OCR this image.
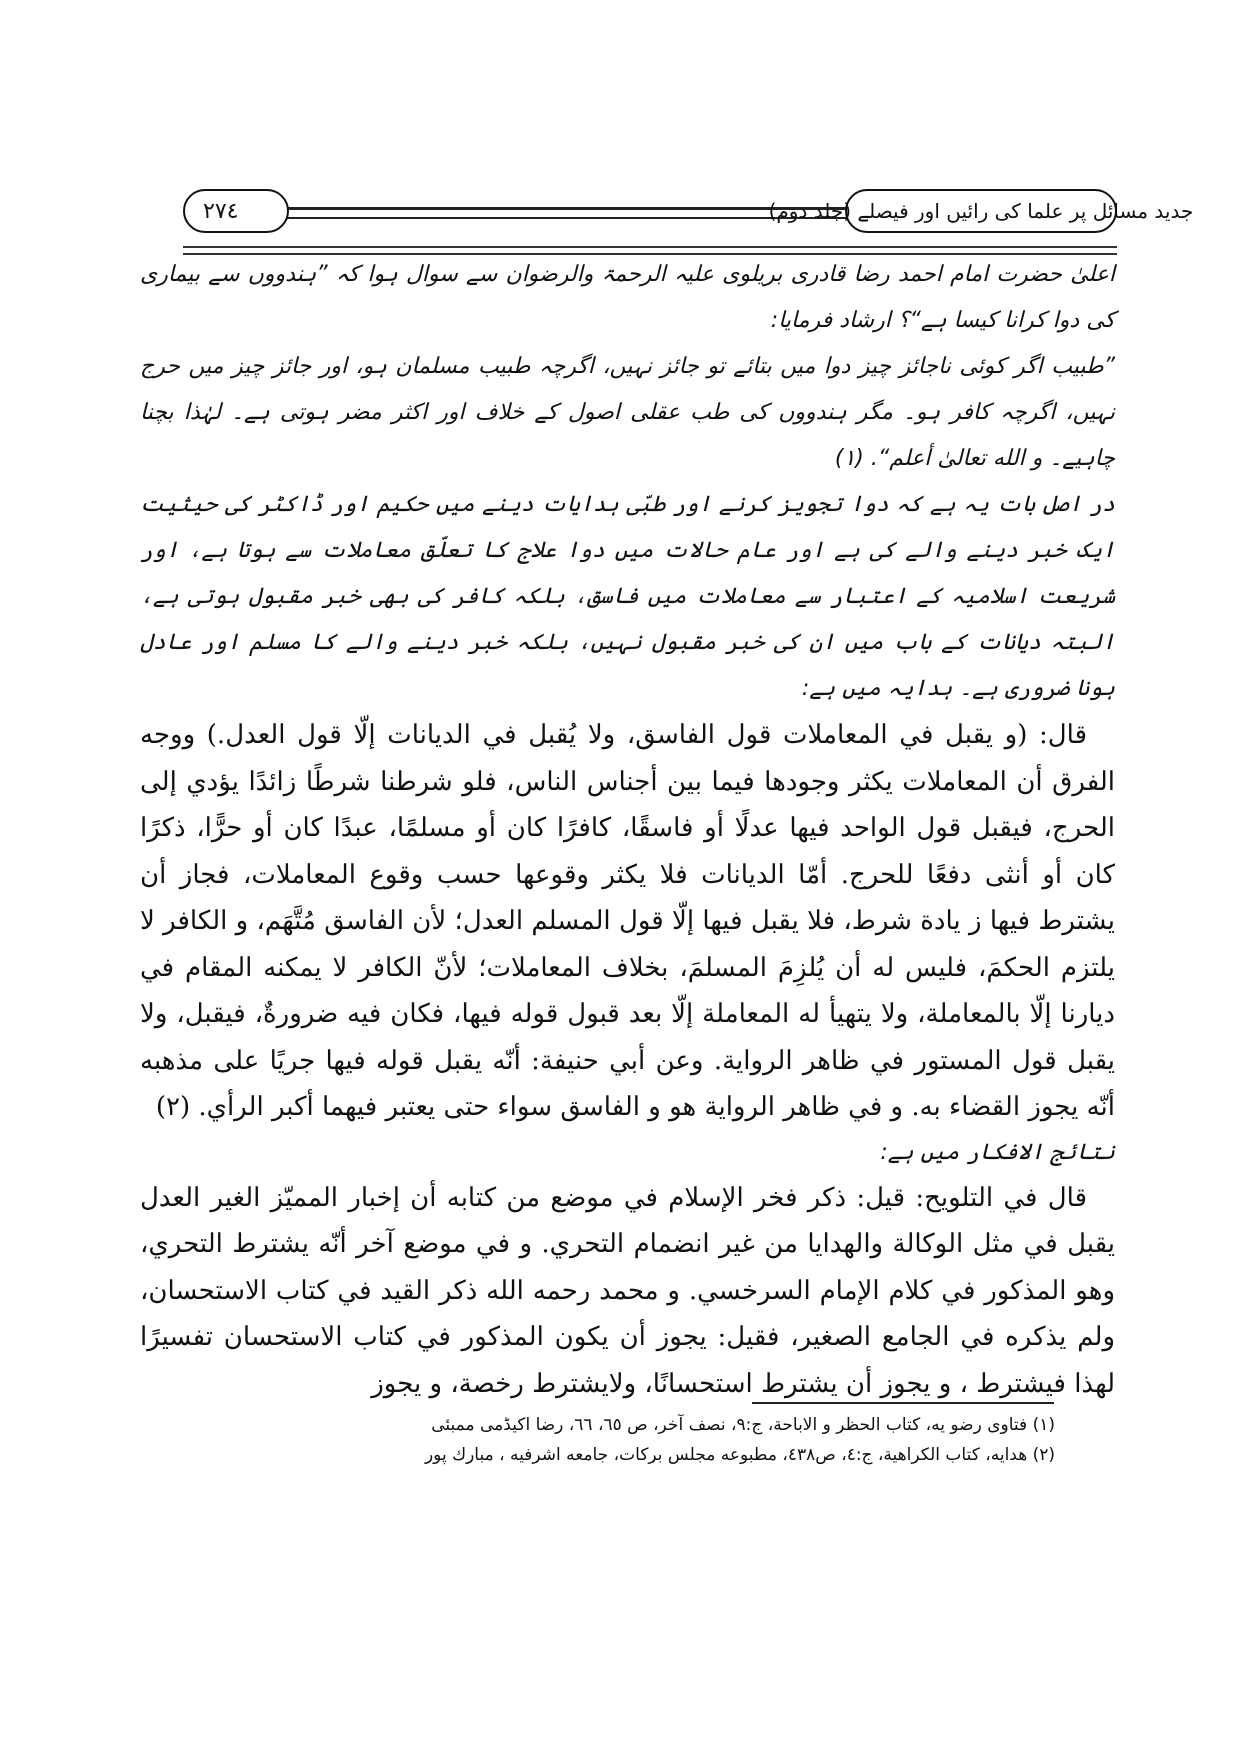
٢٧٤	جدید مسائل پر علما کی رائیں اور فیصلے (جلد دوم)

اعلیٰ حضرت امام احمد رضا قادری بریلوی علیہ الرحمۃ والرضوان سے سوال ہوا کہ ”ہندووں سے بیماری کی دوا کرانا کیسا ہے“؟ ارشاد فرمایا:

”طبیب اگر کوئی ناجائز چیز دوا میں بتائے تو جائز نہیں، اگرچہ طبیب مسلمان ہو، اور جائز چیز میں حرج نہیں، اگرچہ کافر ہو۔ مگر ہندووں کی طب عقلی اصول کے خلاف اور اکثر مضر ہوتی ہے۔ لہٰذا بچنا چاہیے۔ و الله تعالیٰ أعلم“. (١)

در اصل بات یہ ہے کہ دوا تجویز کرنے اور طبّی ہدایات دینے میں حکیم اور ڈاکٹر کی حیثیت ایک خبر دینے والے کی ہے اور عام حالات میں دوا علاج کا تعلّق معاملات سے ہوتا ہے، اور شریعت اسلامیہ کے اعتبار سے معاملات میں فاسق، بلکہ کافر کی بھی خبر مقبول ہوتی ہے، البتہ دیانات کے باب میں ان کی خبر مقبول نہیں، بلکہ خبر دینے والے کا مسلم اور عادل ہونا ضروری ہے۔ ہدایہ میں ہے:

قال: (و يقبل في المعاملات قول الفاسق، ولا يُقبل في الديانات إلّا قول العدل.) ووجه الفرق أن المعاملات يكثر وجودها فيما بين أجناس الناس، فلو شرطنا شرطًا زائدًا يؤدي إلى الحرج، فيقبل قول الواحد فيها عدلًا أو فاسقًا، كافرًا كان أو مسلمًا، عبدًا كان أو حرًّا، ذكرًا كان أو أنثى دفعًا للحرج. أمّا الديانات فلا يكثر وقوعها حسب وقوع المعاملات، فجاز أن يشترط فيها ز يادة شرط، فلا يقبل فيها إلّا قول المسلم العدل؛ لأن الفاسق مُتَّهَم، و الكافر لا يلتزم الحكمَ، فليس له أن يُلزِمَ المسلمَ، بخلاف المعاملات؛ لأنّ الكافر لا يمكنه المقام في ديارنا إلّا بالمعاملة، ولا يتهيأ له المعاملة إلّا بعد قبول قوله فيها، فكان فيه ضرورةٌ، فيقبل، ولا يقبل قول المستور في ظاهر الرواية. وعن أبي حنيفة: أنّه يقبل قوله فيها جريًا على مذهبه أنّه يجوز القضاء به. و في ظاهر الرواية هو و الفاسق سواء حتى يعتبر فيهما أكبر الرأي. (٢)

نتائج الافکار میں ہے:

قال في التلويح: قيل: ذكر فخر الإسلام في موضع من كتابه أن إخبار المميّز الغير العدل يقبل في مثل الوكالة والهدايا من غير انضمام التحري. و في موضع آخر أنّه يشترط التحري، وهو المذكور في كلام الإمام السرخسي. و محمد رحمه الله ذكر القيد في كتاب الاستحسان، ولم يذكره في الجامع الصغير، فقيل: يجوز أن يكون المذكور في كتاب الاستحسان تفسيرًا لهذا فيشترط ، و يجوز أن يشترط استحسانًا، ولايشترط رخصة، و يجوز

(١) فتاوی رضو یه، کتاب الحظر و الاباحة، ج:٩، نصف آخر، ص ٦٥، ٦٦، رضا اکیڈمی ممبئی

(٢) هدایه، کتاب الکراهیة، ج:٤، ص٤٣٨، مطبوعه مجلس برکات، جامعه اشرفیه ، مبارك پور
